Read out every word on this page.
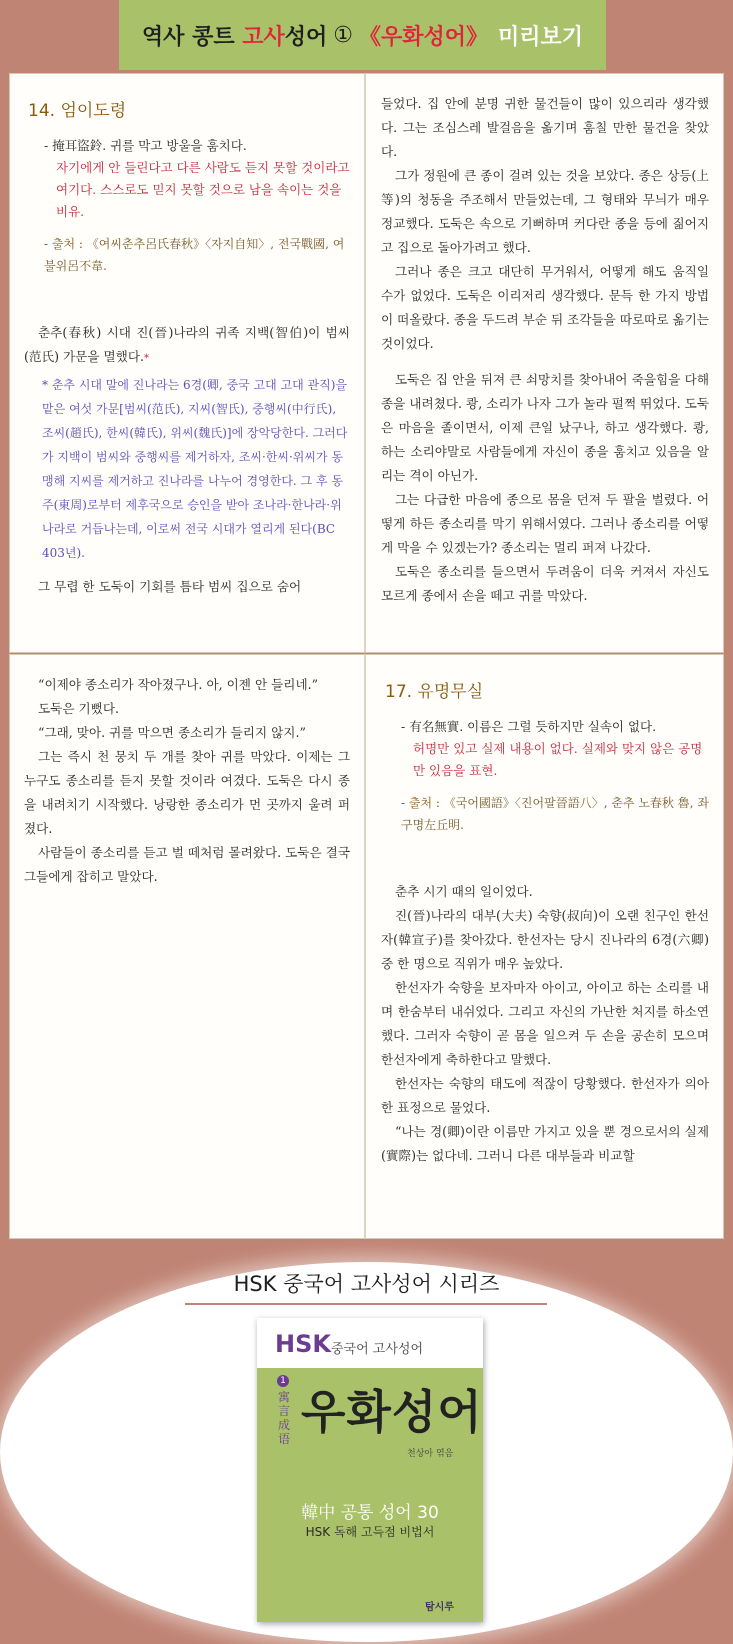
역사 콩트
고사 성어 ① 《우화성어》 미리보기
14. 엄이도령
- 掩耳盜鈴. 귀를 막고 방울을 훔치다.
자기에게 안 들린다고 다른 사람도 듣지 못할 것이라고 여기다. 스스로도 믿지 못할 것으로 남을 속이는 것을 비유.
- 출처 : 《여씨춘추呂氏春秋》〈자지自知〉, 전국戰國, 여불위呂不韋.

춘추(春秋) 시대 진(晉)나라의 귀족 지백(智伯)이 범씨(范氏) 가문을 멸했다.*

* 춘추 시대 말에 진나라는 6경(卿, 중국 고대 고대 관직)을 맡은 여섯 가문[범씨(范氏), 지씨(智氏), 중행씨(中行氏), 조씨(趙氏), 한씨(韓氏), 위씨(魏氏)]에 장악당한다. 그러다가 지백이 범씨와 중행씨를 제거하자, 조씨·한씨·위씨가 동맹해 지씨를 제거하고 진나라를 나누어 경영한다. 그 후 동주(東周)로부터 제후국으로 승인을 받아 조나라·한나라·위나라로 거듭나는데, 이로써 전국 시대가 열리게 된다(BC 403년).

그 무렵 한 도둑이 기회를 틈타 범씨 집으로 숨어

들었다. 집 안에 분명 귀한 물건들이 많이 있으리라 생각했다. 그는 조심스레 발걸음을 옮기며 훔칠 만한 물건을 찾았다.

그가 정원에 큰 종이 걸려 있는 것을 보았다. 종은 상등(上等)의 청동을 주조해서 만들었는데, 그 형태와 무늬가 매우 정교했다. 도둑은 속으로 기뻐하며 커다란 종을 등에 짊어지고 집으로 돌아가려고 했다.

그러나 종은 크고 대단히 무거워서, 어떻게 해도 움직일 수가 없었다. 도둑은 이리저리 생각했다. 문득 한 가지 방법이 떠올랐다. 종을 두드려 부순 뒤 조각들을 따로따로 옮기는 것이었다.

도둑은 집 안을 뒤져 큰 쇠망치를 찾아내어 죽을힘을 다해 종을 내려쳤다. 쾅, 소리가 나자 그가 놀라 펄쩍 뛰었다. 도둑은 마음을 졸이면서, 이제 큰일 났구나, 하고 생각했다. 쾅, 하는 소리야말로 사람들에게 자신이 종을 훔치고 있음을 알리는 격이 아닌가.

그는 다급한 마음에 종으로 몸을 던져 두 팔을 벌렸다. 어떻게 하든 종소리를 막기 위해서였다. 그러나 종소리를 어떻게 막을 수 있겠는가? 종소리는 멀리 퍼져 나갔다.

도둑은 종소리를 들으면서 두려움이 더욱 커져서 자신도 모르게 종에서 손을 떼고 귀를 막았다.

“이제야 종소리가 작아졌구나. 아, 이젠 안 들리네.”

도둑은 기뻤다.

“그래, 맞아. 귀를 막으면 종소리가 들리지 않지.”

그는 즉시 천 뭉치 두 개를 찾아 귀를 막았다. 이제는 그 누구도 종소리를 듣지 못할 것이라 여겼다. 도둑은 다시 종을 내려치기 시작했다. 낭랑한 종소리가 먼 곳까지 울려 퍼졌다.

사람들이 종소리를 듣고 벌 떼처럼 몰려왔다. 도둑은 결국 그들에게 잡히고 말았다.

17. 유명무실
- 有名無實. 이름은 그럴 듯하지만 실속이 없다.
허명만 있고 실제 내용이 없다. 실제와 맞지 않은 공명만 있음을 표현.
- 출처 : 《국어國語》〈진어팔晉語八〉, 춘추 노春秋 魯, 좌구명左丘明.

춘추 시기 때의 일이었다.

진(晉)나라의 대부(大夫) 숙향(叔向)이 오랜 친구인 한선자(韓宣子)를 찾아갔다. 한선자는 당시 진나라의 6경(六卿) 중 한 명으로 직위가 매우 높았다.

한선자가 숙향을 보자마자 아이고, 아이고 하는 소리를 내며 한숨부터 내쉬었다. 그리고 자신의 가난한 처지를 하소연했다. 그러자 숙향이 곧 몸을 일으켜 두 손을 공손히 모으며 한선자에게 축하한다고 말했다.

한선자는 숙향의 태도에 적잖이 당황했다. 한선자가 의아한 표정으로 물었다.

“나는 경(卿)이란 이름만 가지고 있을 뿐 경으로서의 실제(實際)는 없다네. 그러니 다른 대부들과 비교할

HSK 중국어 고사성어 시리즈
HSK 중국어 고사성어
1
寓言成语 우화성어
천상아 엮음
韓中 공통 성어 30
HSK 독해 고득점 비법서
탐시루
